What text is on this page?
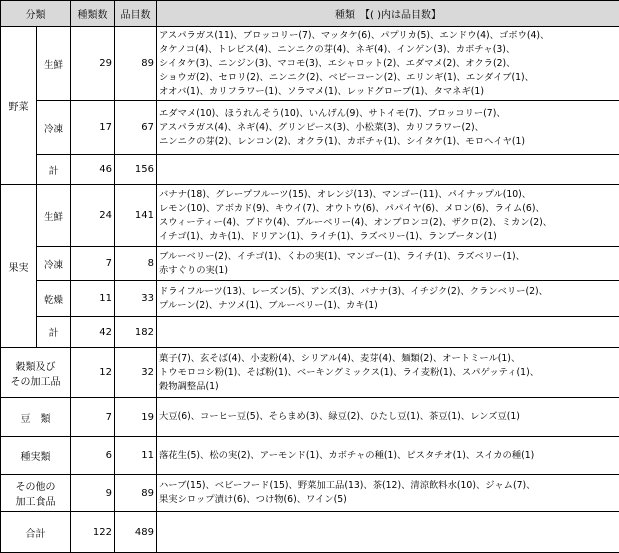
分類		種類数	品目数	種類　【( )内は品目数】
野菜	生鮮	29	89	アスパラガス(11)、ブロッコリー(7)、マッタケ(6)、パプリカ(5)、エンドウ(4)、ゴボウ(4)、
タケノコ(4)、トレビス(4)、ニンニクの芽(4)、ネギ(4)、インゲン(3)、カボチャ(3)、
シイタケ(3)、ニンジン(3)、マコモ(3)、エシャロット(2)、エダマメ(2)、オクラ(2)、
ショウガ(2)、セロリ(2)、ニンニク(2)、ベビーコーン(2)、エリンギ(1)、エンダイブ(1)、
オオバ(1)、カリフラワー(1)、ソラマメ(1)、レッドグローブ(1)、タマネギ(1)

	冷凍	17	67	エダマメ(10)、ほうれんそう(10)、いんげん(9)、サトイモ(7)、ブロッコリー(7)、
アスパラガス(4)、ネギ(4)、グリンピース(3)、小松菜(3)、カリフラワー(2)、
ニンニクの芽(2)、レンコン(2)、オクラ(1)、カボチャ(1)、シイタケ(1)、モロヘイヤ(1)

	計	46	156	
果実	生鮮	24	141	バナナ(18)、グレープフルーツ(15)、オレンジ(13)、マンゴー(11)、パイナップル(10)、
レモン(10)、アボカド(9)、キウイ(7)、オウトウ(6)、パパイヤ(6)、メロン(6)、ライム(6)、
スウィーティー(4)、ブドウ(4)、ブルーベリー(4)、オンブロンコ(2)、ザクロ(2)、ミカン(2)、
イチゴ(1)、カキ(1)、ドリアン(1)、ライチ(1)、ラズベリー(1)、ランブータン(1)

	冷凍	7	8	ブルーベリー(2)、イチゴ(1)、くわの実(1)、マンゴー(1)、ライチ(1)、ラズベリー(1)、
赤すぐりの実(1)

	乾燥	11	33	ドライフルーツ(13)、レーズン(5)、アンズ(3)、バナナ(3)、イチジク(2)、クランベリー(2)、
プルーン(2)、ナツメ(1)、ブルーベリー(1)、カキ(1)

	計	42	182	

穀類及び
その加工品		12	32	菓子(7)、玄そば(4)、小麦粉(4)、シリアル(4)、麦芽(4)、麺類(2)、オートミール(1)、
トウモロコシ粉(1)、そば粉(1)、ベーキングミックス(1)、ライ麦粉(1)、スパゲッティ(1)、
穀物調整品(1)

豆　類		7	19	大豆(6)、コーヒー豆(5)、そらまめ(3)、緑豆(2)、ひたし豆(1)、茶豆(1)、レンズ豆(1)

種実類		6	11	落花生(5)、松の実(2)、アーモンド(1)、カボチャの種(1)、ピスタチオ(1)、スイカの種(1)

その他の
加工食品		9	89	ハーブ(15)、ベビーフード(15)、野菜加工品(13)、茶(12)、清涼飲料水(10)、ジャム(7)、
果実シロップ漬け(6)、つけ物(6)、ワイン(5)

合計		122	489	
